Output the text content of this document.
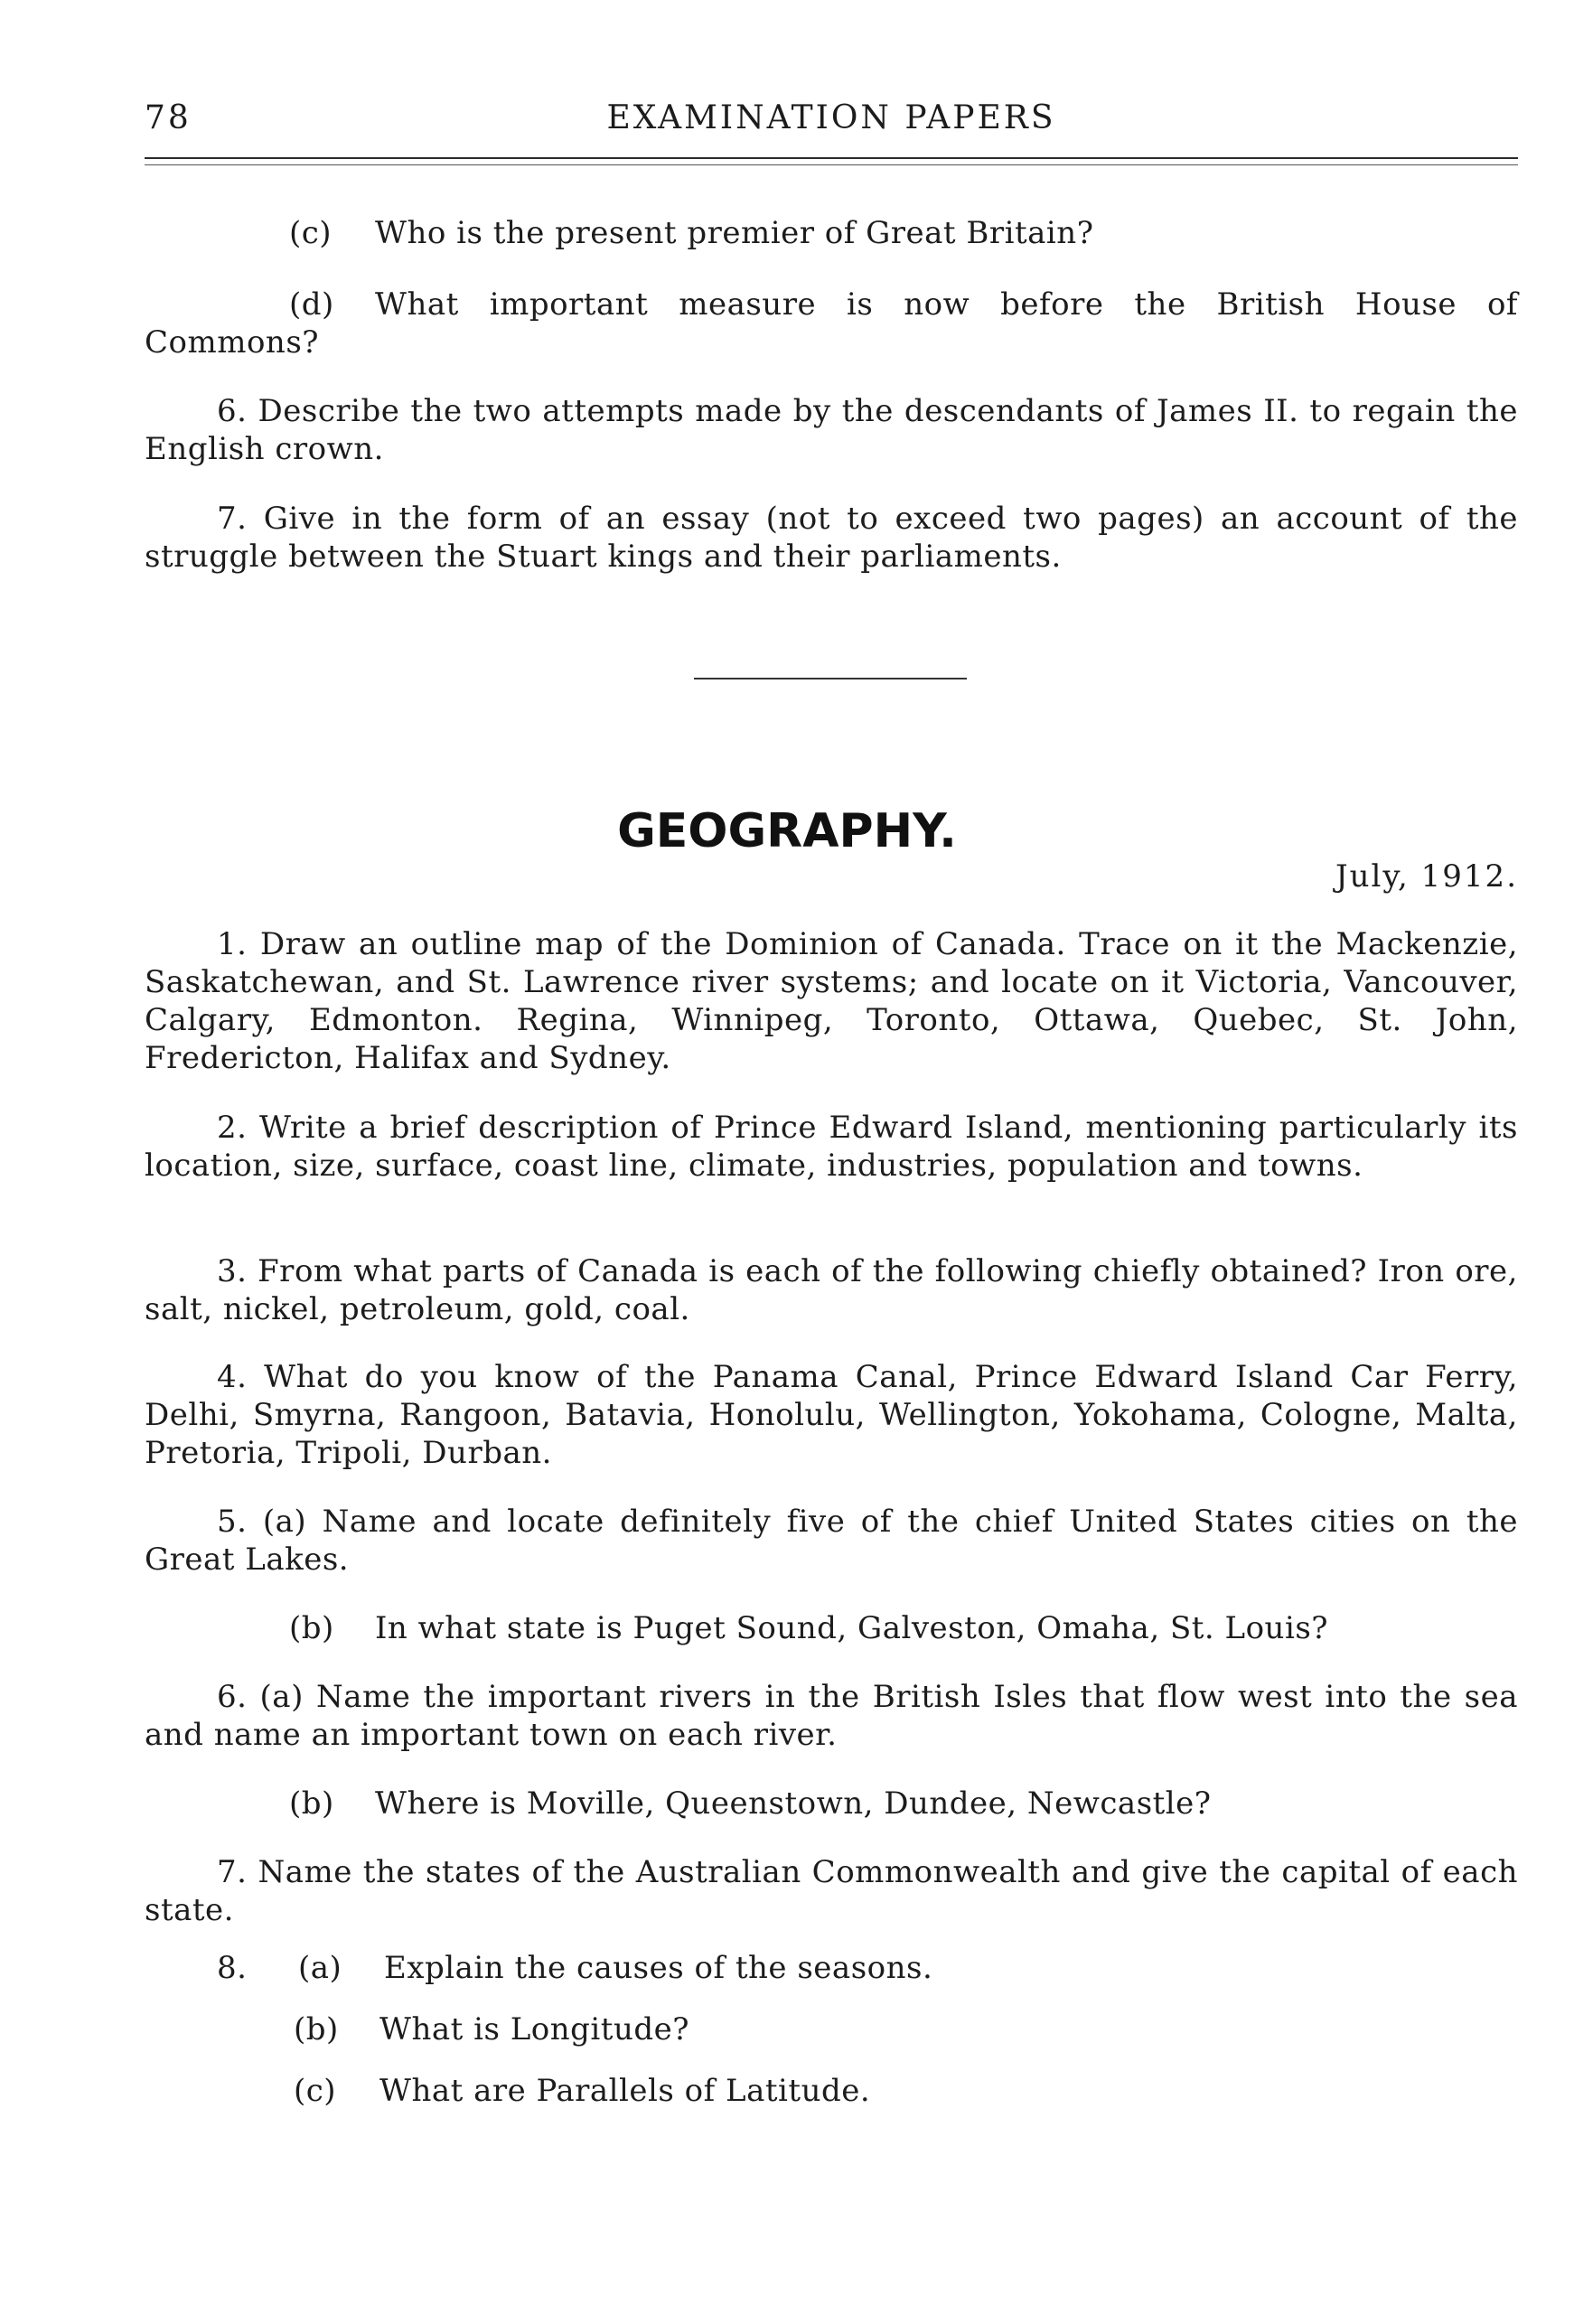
78	EXAMINATION PAPERS
(c) Who is the present premier of Great Britain?
(d) What important measure is now before the British House of Commons?
6. Describe the two attempts made by the descendants of James II. to regain the English crown.
7. Give in the form of an essay (not to exceed two pages) an account of the struggle between the Stuart kings and their parliaments.
GEOGRAPHY.
July, 1912.
1. Draw an outline map of the Dominion of Canada. Trace on it the Mackenzie, Saskatchewan, and St. Lawrence river systems; and locate on it Victoria, Vancouver, Calgary, Edmonton. Regina, Winnipeg, Toronto, Ottawa, Quebec, St. John, Fredericton, Halifax and Sydney.
2. Write a brief description of Prince Edward Island, mentioning particularly its location, size, surface, coast line, climate, industries, population and towns.
3. From what parts of Canada is each of the following chiefly obtained? Iron ore, salt, nickel, petroleum, gold, coal.
4. What do you know of the Panama Canal, Prince Edward Island Car Ferry, Delhi, Smyrna, Rangoon, Batavia, Honolulu, Wellington, Yokohama, Cologne, Malta, Pretoria, Tripoli, Durban.
5. (a) Name and locate definitely five of the chief United States cities on the Great Lakes.
(b) In what state is Puget Sound, Galveston, Omaha, St. Louis?
6. (a) Name the important rivers in the British Isles that flow west into the sea and name an important town on each river.
(b) Where is Moville, Queenstown, Dundee, Newcastle?
7. Name the states of the Australian Commonwealth and give the capital of each state.
8. (a) Explain the causes of the seasons.
(b) What is Longitude?
(c) What are Parallels of Latitude.
